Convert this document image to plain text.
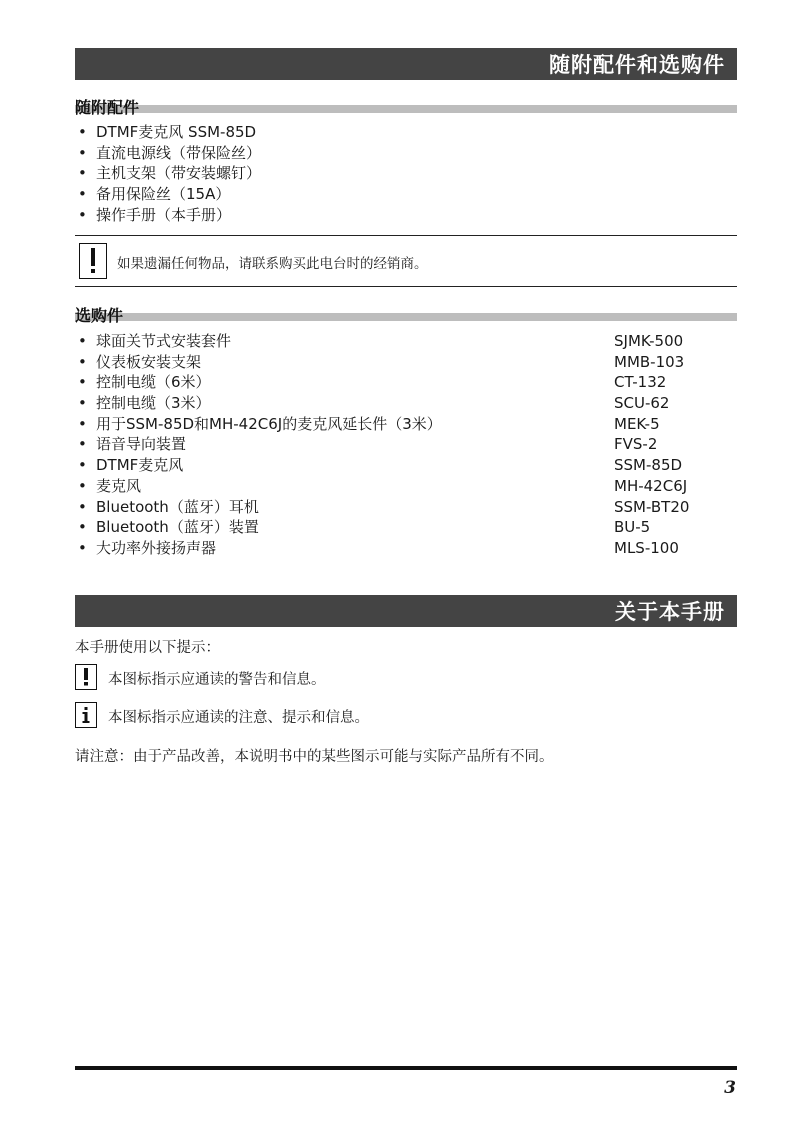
随附配件和选购件
随附配件
• DTMF麦克风 SSM-85D
• 直流电源线（带保险丝）
• 主机支架（带安装螺钉）
• 备用保险丝（15A）
• 操作手册（本手册）
如果遗漏任何物品，请联系购买此电台时的经销商。
选购件
• 球面关节式安装套件	SJMK-500
• 仪表板安装支架	MMB-103
• 控制电缆（6米）	CT-132
• 控制电缆（3米）	SCU-62
• 用于SSM-85D和MH-42C6J的麦克风延长件（3米）	MEK-5
• 语音导向装置	FVS-2
• DTMF麦克风	SSM-85D
• 麦克风	MH-42C6J
• Bluetooth（蓝牙）耳机	SSM-BT20
• Bluetooth（蓝牙）装置	BU-5
• 大功率外接扬声器	MLS-100
关于本手册
本手册使用以下提示：
本图标指示应通读的警告和信息。
本图标指示应通读的注意、提示和信息。
请注意：由于产品改善，本说明书中的某些图示可能与实际产品所有不同。
3
